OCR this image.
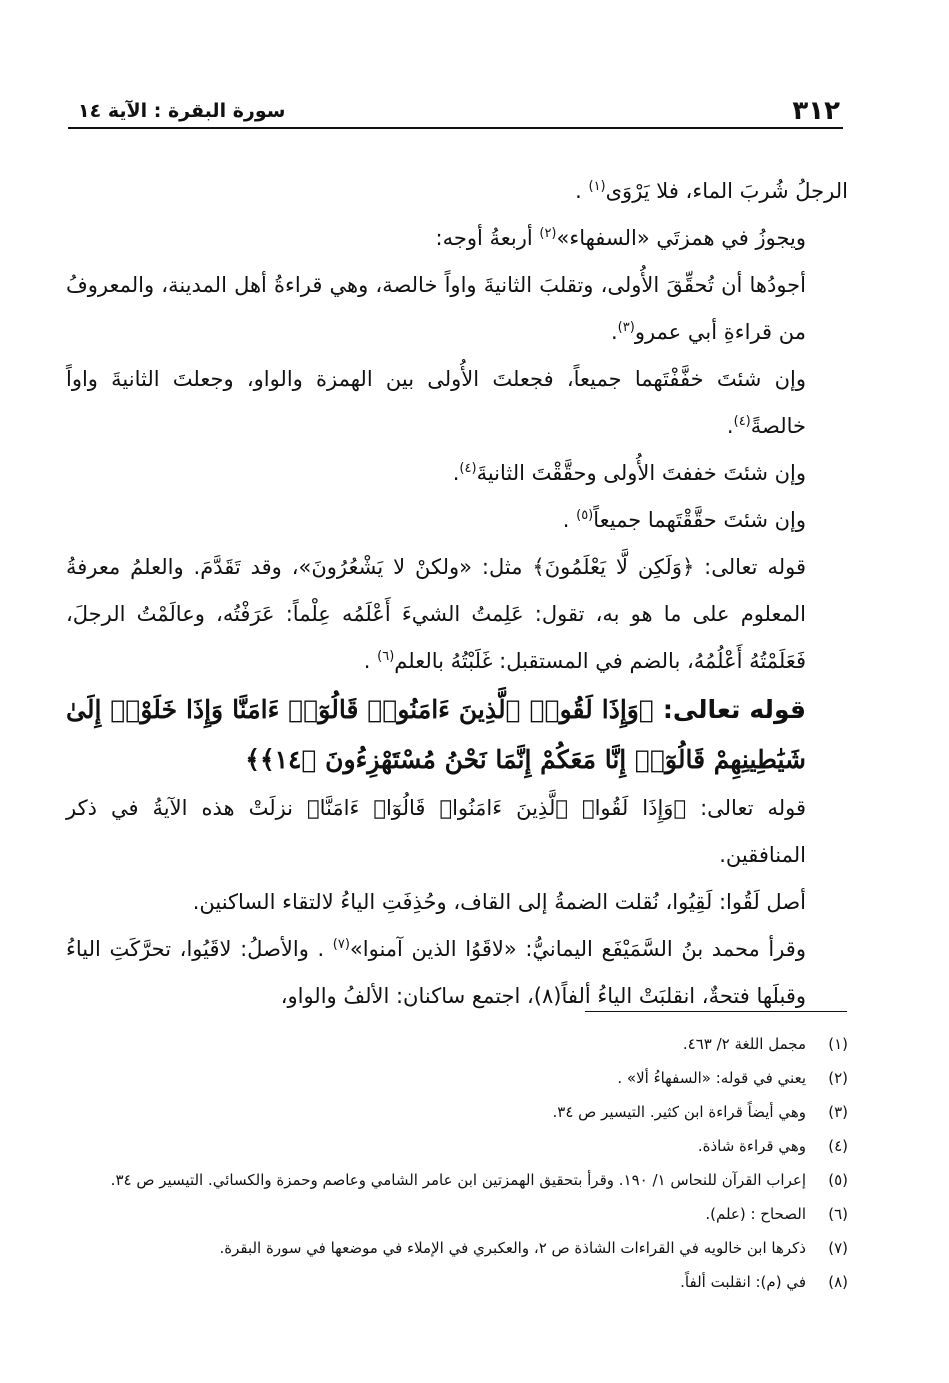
٣١٢
سورة البقرة : الآية ١٤

الرجلُ شُربَ الماء، فلا يَرْوَى$^{(١)}$ .

ويجوزُ في همزتَي «السفهاء»$^{(٢)}$ أربعةُ أوجه:

أجودُها أن تُحقِّقَ الأُولى، وتقلبَ الثانيةَ واواً خالصة، وهي قراءةُ أهل المدينة، والمعروفُ من قراءةِ أبي عمرو$^{(٣)}$.

وإن شئتَ خفَّفْتَهما جميعاً، فجعلتَ الأُولى بين الهمزة والواو، وجعلتَ الثانيةَ واواً خالصةً$^{(٤)}$.

وإن شئتَ خففتَ الأُولى وحقَّقْتَ الثانيةَ$^{(٤)}$.

وإن شئتَ حقَّقْتَهما جميعاً$^{(٥)}$ .

قوله تعالى: ﴿وَلَكِن لَّا يَعْلَمُونَ﴾ مثل: «ولكنْ لا يَشْعُرُونَ»، وقد تَقَدَّمَ. والعلمُ معرفةُ المعلوم على ما هو به، تقول: عَلِمتُ الشيءَ أَعْلَمُه عِلْماً: عَرَفْتُه، وعالَمْتُ الرجلَ، فَعَلَمْتُهُ أَعْلُمُهُ، بالضم في المستقبل: غَلَبْتُهُ بالعلم$^{(٦)}$ .

قوله تعالى: ﴿وَإِذَا لَقُوا۟ ٱلَّذِينَ ءَامَنُوا۟ قَالُوٓا۟ ءَامَنَّا وَإِذَا خَلَوْا۟ إِلَىٰ شَيَٰطِينِهِمْ قَالُوٓا۟ إِنَّا مَعَكُمْ إِنَّمَا نَحْنُ مُسْتَهْزِءُونَ ﴿١٤﴾﴾

قوله تعالى: ﴿وَإِذَا لَقُوا۟ ٱلَّذِينَ ءَامَنُوا۟ قَالُوٓا۟ ءَامَنَّا﴾ نزلَتْ هذه الآيةُ في ذكر المنافقين.

أصل لَقُوا: لَقِيُوا، نُقلت الضمةُ إلى القاف، وحُذِفَتِ الياءُ لالتقاء الساكنين.

وقرأ محمد بنُ السَّمَيْفَع اليمانيُّ: «لاقَوُا الذين آمنوا»$^{(٧)}$ . والأصلُ: لاقَيُوا، تحرَّكَتِ الياءُ وقبلَها فتحةٌ، انقلبَتْ الياءُ ألفاً(٨)، اجتمع ساكنان: الألفُ والواو،

(١)
مجمل اللغة ٢/ ٤٦٣.
(٢)
يعني في قوله: «السفهاءُ ألا» .
(٣)
وهي أيضاً قراءة ابن كثير. التيسير ص ٣٤.
(٤)
وهي قراءة شاذة.
(٥)
إعراب القرآن للنحاس ١/ ١٩٠. وقرأ بتحقيق الهمزتين ابن عامر الشامي وعاصم وحمزة والكسائي. التيسير ص ٣٤.
(٦)
الصحاح : (علم).
(٧)
ذكرها ابن خالويه في القراءات الشاذة ص ٢، والعكبري في الإملاء في موضعها في سورة البقرة.
(٨)
في (م): انقلبت ألفاً.
